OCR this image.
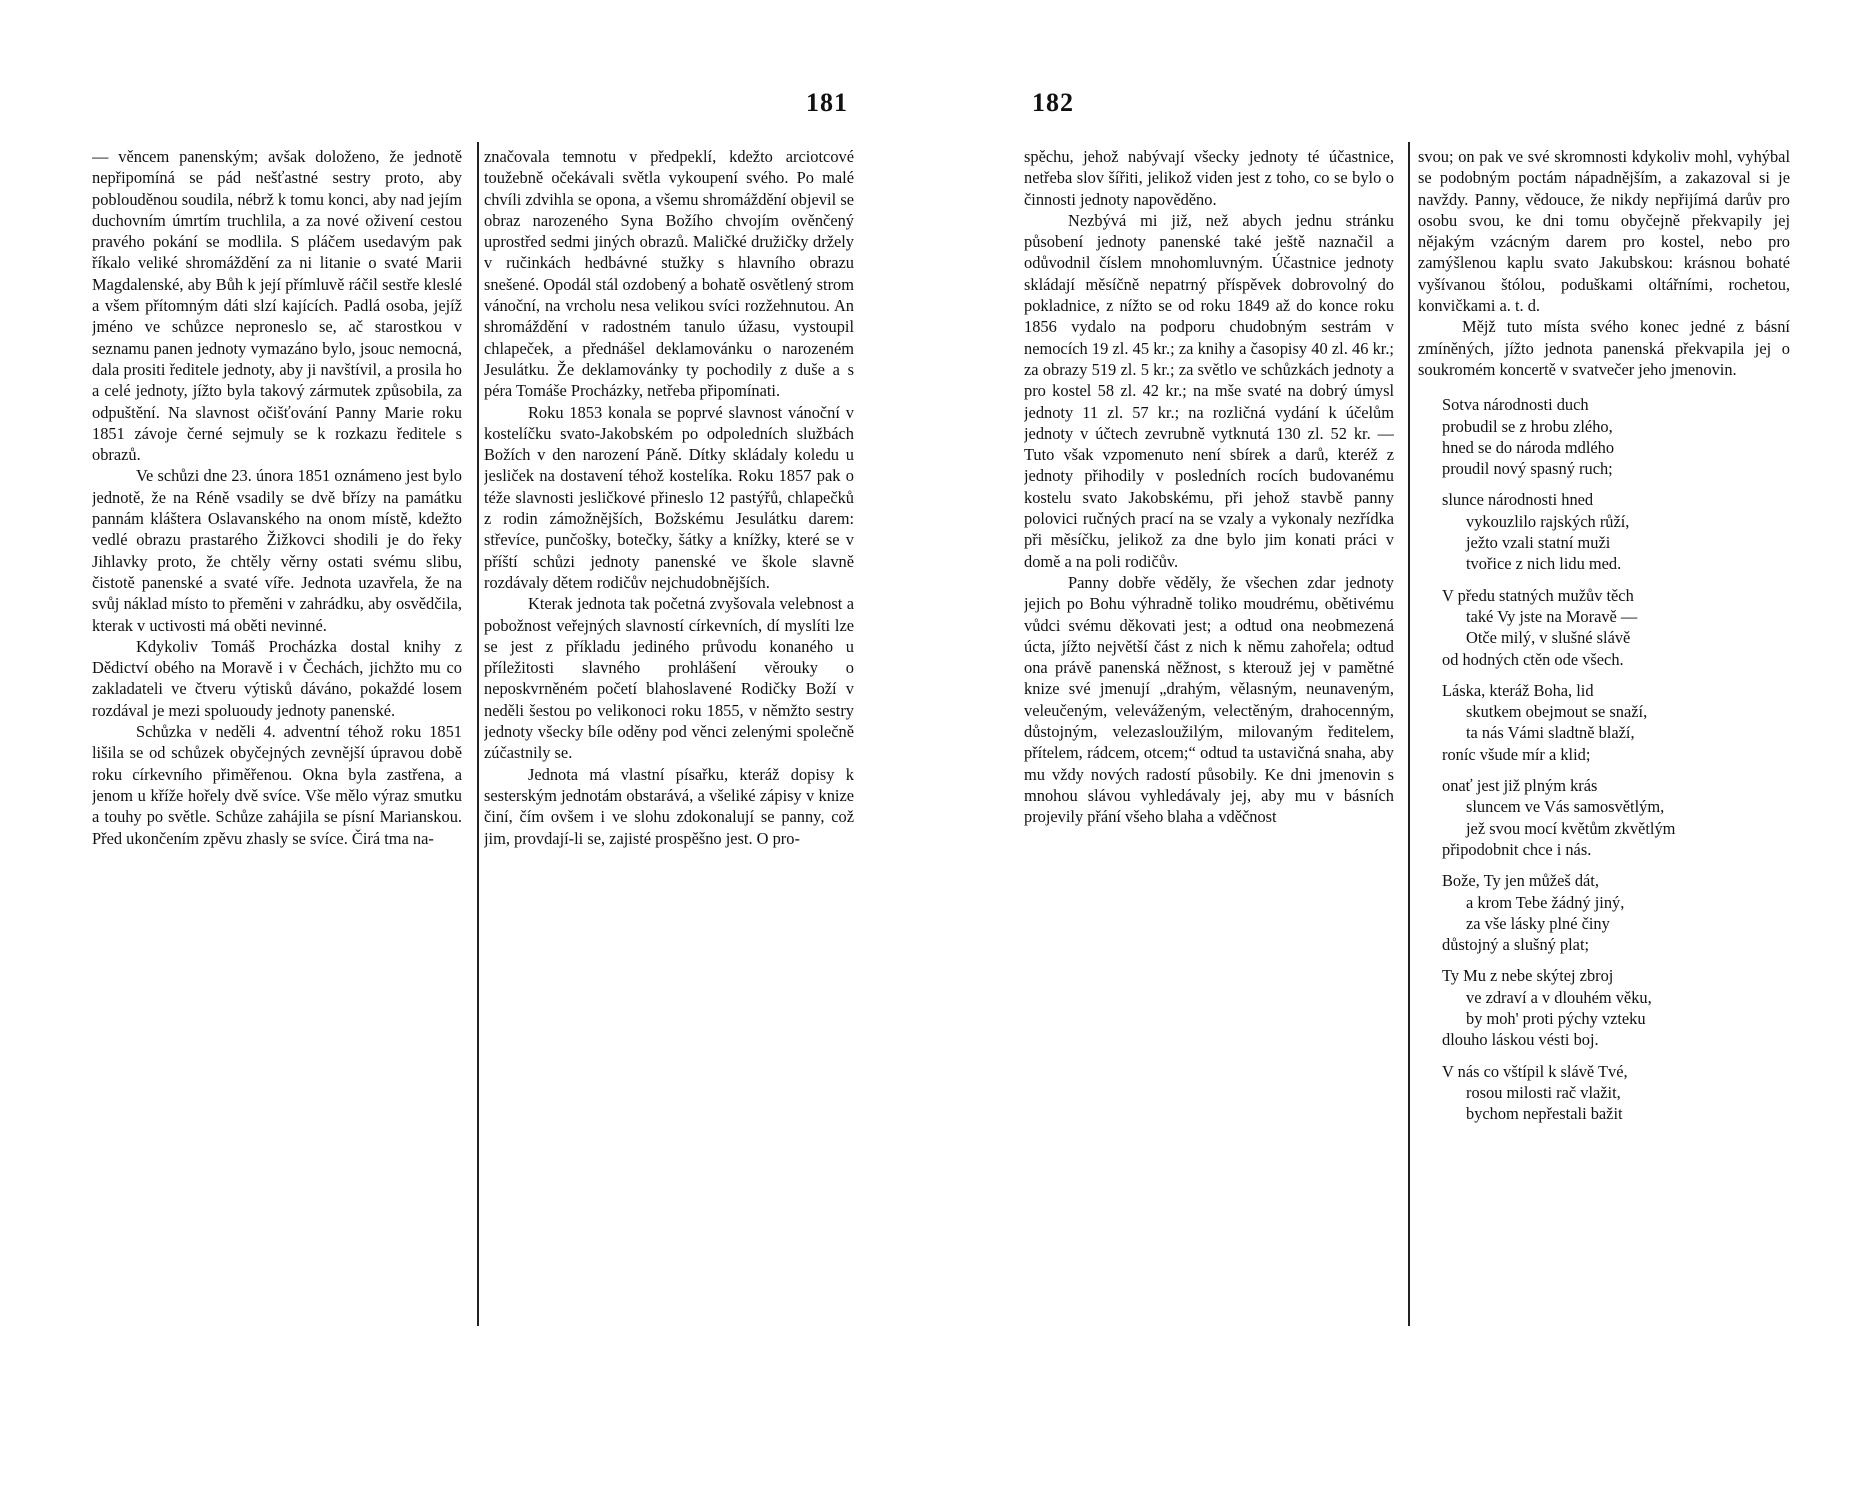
181	182

— věncem panenským; avšak doloženo, že jednotě nepřipomíná se pád nešťastné sestry proto, aby poblouděnou soudila, nébrž k tomu konci, aby nad jejím duchovním úmrtím truchlila, a za nové oživení cestou pravého pokání se modlila. S pláčem usedavým pak říkalo veliké shromáždění za ni litanie o svaté Marii Magdalenské, aby Bůh k její přímluvě ráčil sestře kleslé a všem přítomným dáti slzí kajících. Padlá osoba, jejíž jméno ve schůzce neproneslo se, ač starostkou v seznamu panen jednoty vymazáno bylo, jsouc nemocná, dala prositi ředitele jednoty, aby ji navštívil, a prosila ho a celé jednoty, jížto byla takový zármutek způsobila, za odpuštění. Na slavnost očišťování Panny Marie roku 1851 závoje černé sejmuly se k rozkazu ředitele s obrazů.

Ve schůzi dne 23. února 1851 oznámeno jest bylo jednotě, že na Réně vsadily se dvě břízy na památku pannám kláštera Oslavanského na onom místě, kdežto vedlé obrazu prastarého Žižkovci shodili je do řeky Jihlavky proto, že chtěly věrny ostati svému slibu, čistotě panenské a svaté víře. Jednota uzavřela, že na svůj náklad místo to přeměni v zahrádku, aby osvědčila, kterak v uctivosti má oběti nevinné.

Kdykoliv Tomáš Procházka dostal knihy z Dědictví obého na Moravě i v Čechách, jichžto mu co zakladateli ve čtveru výtisků dáváno, pokaždé losem rozdával je mezi spoluoudy jednoty panenské.

Schůzka v neděli 4. adventní téhož roku 1851 lišila se od schůzek obyčejných zevnější úpravou době roku církevního přiměřenou. Okna byla zastřena, a jenom u kříže hořely dvě svíce. Vše mělo výraz smutku a touhy po světle. Schůze zahájila se písní Marianskou. Před ukončením zpěvu zhasly se svíce. Čirá tma na-

značovala temnotu v předpeklí, kdežto arciotcové toužebně očekávali světla vykoupení svého. Po malé chvíli zdvihla se opona, a všemu shromáždění objevil se obraz narozeného Syna Božího chvojím ověnčený uprostřed sedmi jiných obrazů. Maličké družičky držely v ručinkách hedbávné stužky s hlavního obrazu snešené. Opodál stál ozdobený a bohatě osvětlený strom vánoční, na vrcholu nesa velikou svíci rozžehnutou. An shromáždění v radostném tanulo úžasu, vystoupil chlapeček, a přednášel deklamovánku o narozeném Jesulátku. Že deklamovánky ty pochodily z duše a s péra Tomáše Procházky, netřeba připomínati.

Roku 1853 konala se poprvé slavnost vánoční v kostelíčku svato-Jakobském po odpoledních službách Božích v den narození Páně. Dítky skládaly koledu u jesliček na dostavení téhož kostelíka. Roku 1857 pak o téže slavnosti jesličkové přineslo 12 pastýřů, chlapečků z rodin zámožnějších, Božskému Jesulátku darem: střevíce, punčošky, botečky, šátky a knížky, které se v příští schůzi jednoty panenské ve škole slavně rozdávaly dětem rodičův nejchudobnějších.

Kterak jednota tak početná zvyšovala velebnost a pobožnost veřejných slavností církevních, dí myslíti lze se jest z příkladu jediného průvodu konaného u příležitosti slavného prohlášení věrouky o neposkvrněném početí blahoslavené Rodičky Boží v neděli šestou po velikonoci roku 1855, v němžto sestry jednoty všecky bíle oděny pod věnci zelenými společně zúčastnily se.

Jednota má vlastní písařku, kteráž dopisy k sesterským jednotám obstarává, a všeliké zápisy v knize činí, čím ovšem i ve slohu zdokonalují se panny, což jim, provdají-li se, zajisté prospěšno jest. O pro-

spěchu, jehož nabývají všecky jednoty té účastnice, netřeba slov šířiti, jelikož viden jest z toho, co se bylo o činnosti jednoty napověděno.

Nezbývá mi již, než abych jednu stránku působení jednoty panenské také ještě naznačil a odůvodnil číslem mnohomluvným. Účastnice jednoty skládají měsíčně nepatrný příspěvek dobrovolný do pokladnice, z nížto se od roku 1849 až do konce roku 1856 vydalo na podporu chudobným sestrám v nemocích 19 zl. 45 kr.; za knihy a časopisy 40 zl. 46 kr.; za obrazy 519 zl. 5 kr.; za světlo ve schůzkách jednoty a pro kostel 58 zl. 42 kr.; na mše svaté na dobrý úmysl jednoty 11 zl. 57 kr.; na rozličná vydání k účelům jednoty v účtech zevrubně vytknutá 130 zl. 52 kr. — Tuto však vzpomenuto není sbírek a darů, kteréž z jednoty přihodily v posledních rocích budovanému kostelu svato Jakobskému, při jehož stavbě panny polovici ručných prací na se vzaly a vykonaly nezřídka při měsíčku, jelikož za dne bylo jim konati práci v domě a na poli rodičův.

Panny dobře věděly, že všechen zdar jednoty jejich po Bohu výhradně toliko moudrému, obětivému vůdci svému děkovati jest; a odtud ona neobmezená úcta, jížto největší část z nich k němu zahořela; odtud ona právě panenská něžnost, s kterouž jej v pamětné knize své jmenují „drahým, vělasným, neunaveným, veleučeným, veleváženým, velectěným, drahocenným, důstojným, velezasloužilým, milovaným ředitelem, přítelem, rádcem, otcem;“ odtud ta ustavičná snaha, aby mu vždy nových radostí působily. Ke dni jmenovin s mnohou slávou vyhledávaly jej, aby mu v básních projevily přání všeho blaha a vděčnost

svou; on pak ve své skromnosti kdykoliv mohl, vyhýbal se podobným poctám nápadnějším, a zakazoval si je navždy. Panny, vědouce, že nikdy nepřijímá darův pro osobu svou, ke dni tomu obyčejně překvapily jej nějakým vzácným darem pro kostel, nebo pro zamýšlenou kaplu svato Jakubskou: krásnou bohaté vyšívanou štólou, poduškami oltářními, rochetou, konvičkami a. t. d.

Mějž tuto místa svého konec jedné z básní zmíněných, jížto jednota panenská překvapila jej o soukromém koncertě v svatvečer jeho jmenovin.

Sotva národnosti duch
probudil se z hrobu zlého,
hned se do národa mdlého
proudil nový spasný ruch;
slunce národnosti hned
vykouzlilo rajských růží,
ježto vzali statní muži
tvořice z nich lidu med.
V předu statných mužův těch
také Vy jste na Moravě —
Otče milý, v slušné slávě
od hodných ctěn ode všech.
Láska, kteráž Boha, lid
skutkem obejmout se snaží,
ta nás Vámi sladtně blaží,
roníc všude mír a klid;
onať jest již plným krás
sluncem ve Vás samosvětlým,
jež svou mocí květům zkvětlým
připodobnit chce i nás.
Bože, Ty jen můžeš dát,
a krom Tebe žádný jiný,
za vše lásky plné činy
důstojný a slušný plat;
Ty Mu z nebe skýtej zbroj
ve zdraví a v dlouhém věku,
by moh' proti pýchy vzteku
dlouho láskou vésti boj.
V nás co vštípil k slávě Tvé,
rosou milosti rač vlažit,
bychom nepřestali bažit
